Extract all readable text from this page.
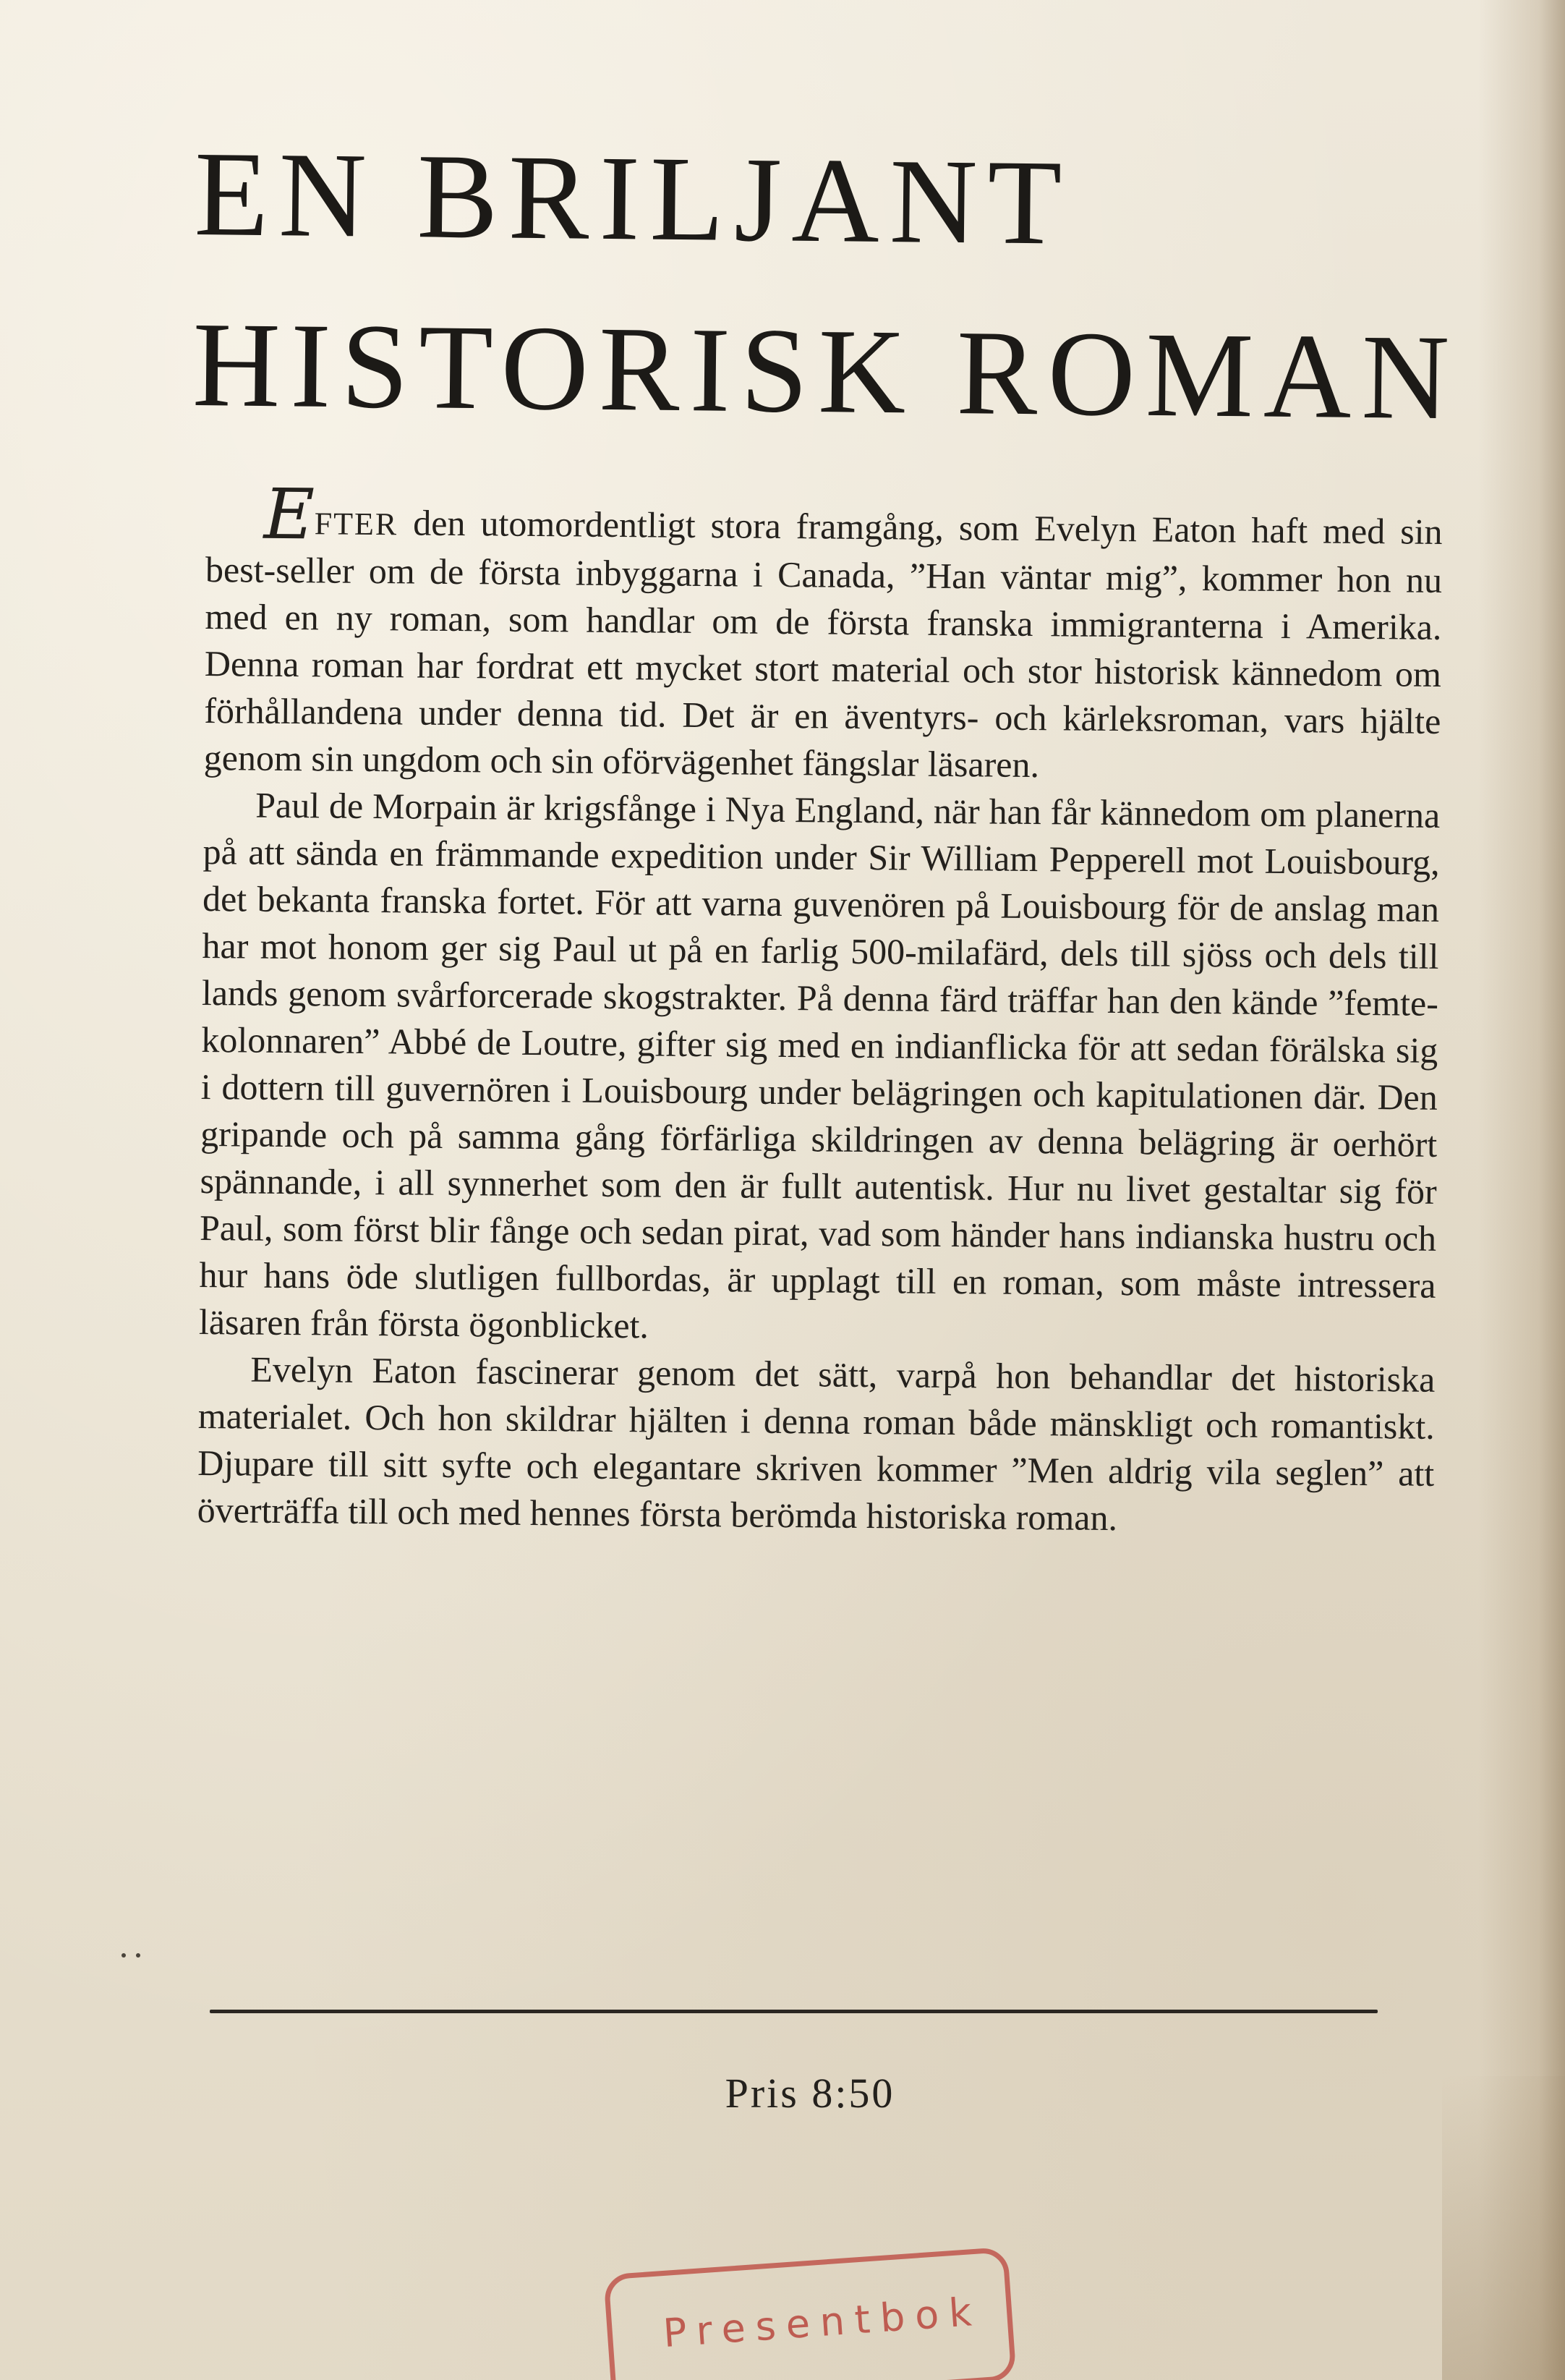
EN BRILJANT
HISTORISK ROMAN

EFTER den utomordentligt stora framgång, som Evelyn Eaton haft med sin best-seller om de första inbyggarna i Canada, ”Han väntar mig”, kommer hon nu med en ny roman, som handlar om de första franska immigranterna i Amerika. Denna roman har fordrat ett mycket stort material och stor historisk kännedom om förhållandena under denna tid. Det är en äventyrs- och kärleksroman, vars hjälte genom sin ungdom och sin oförvägenhet fängslar läsaren.

Paul de Morpain är krigsfånge i Nya England, när han får kännedom om planerna på att sända en främmande expedition under Sir William Pepperell mot Louisbourg, det bekanta franska fortet. För att varna guvenören på Louisbourg för de anslag man har mot honom ger sig Paul ut på en farlig 500-milafärd, dels till sjöss och dels till lands genom svårforcerade skogstrakter. På denna färd träffar han den kände ”femte-kolonnaren” Abbé de Loutre, gifter sig med en indianflicka för att sedan förälska sig i dottern till guvernören i Louisbourg under belägringen och kapitulationen där. Den gripande och på samma gång förfärliga skildringen av denna belägring är oerhört spännande, i all synnerhet som den är fullt autentisk. Hur nu livet gestaltar sig för Paul, som först blir fånge och sedan pirat, vad som händer hans indianska hustru och hur hans öde slutligen fullbordas, är upplagt till en roman, som måste intressera läsaren från första ögonblicket.

Evelyn Eaton fascinerar genom det sätt, varpå hon behandlar det historiska materialet. Och hon skildrar hjälten i denna roman både mänskligt och romantiskt. Djupare till sitt syfte och elegantare skriven kommer ”Men aldrig vila seglen” att överträffa till och med hennes första berömda historiska roman.

Pris 8:50
Presentbok
